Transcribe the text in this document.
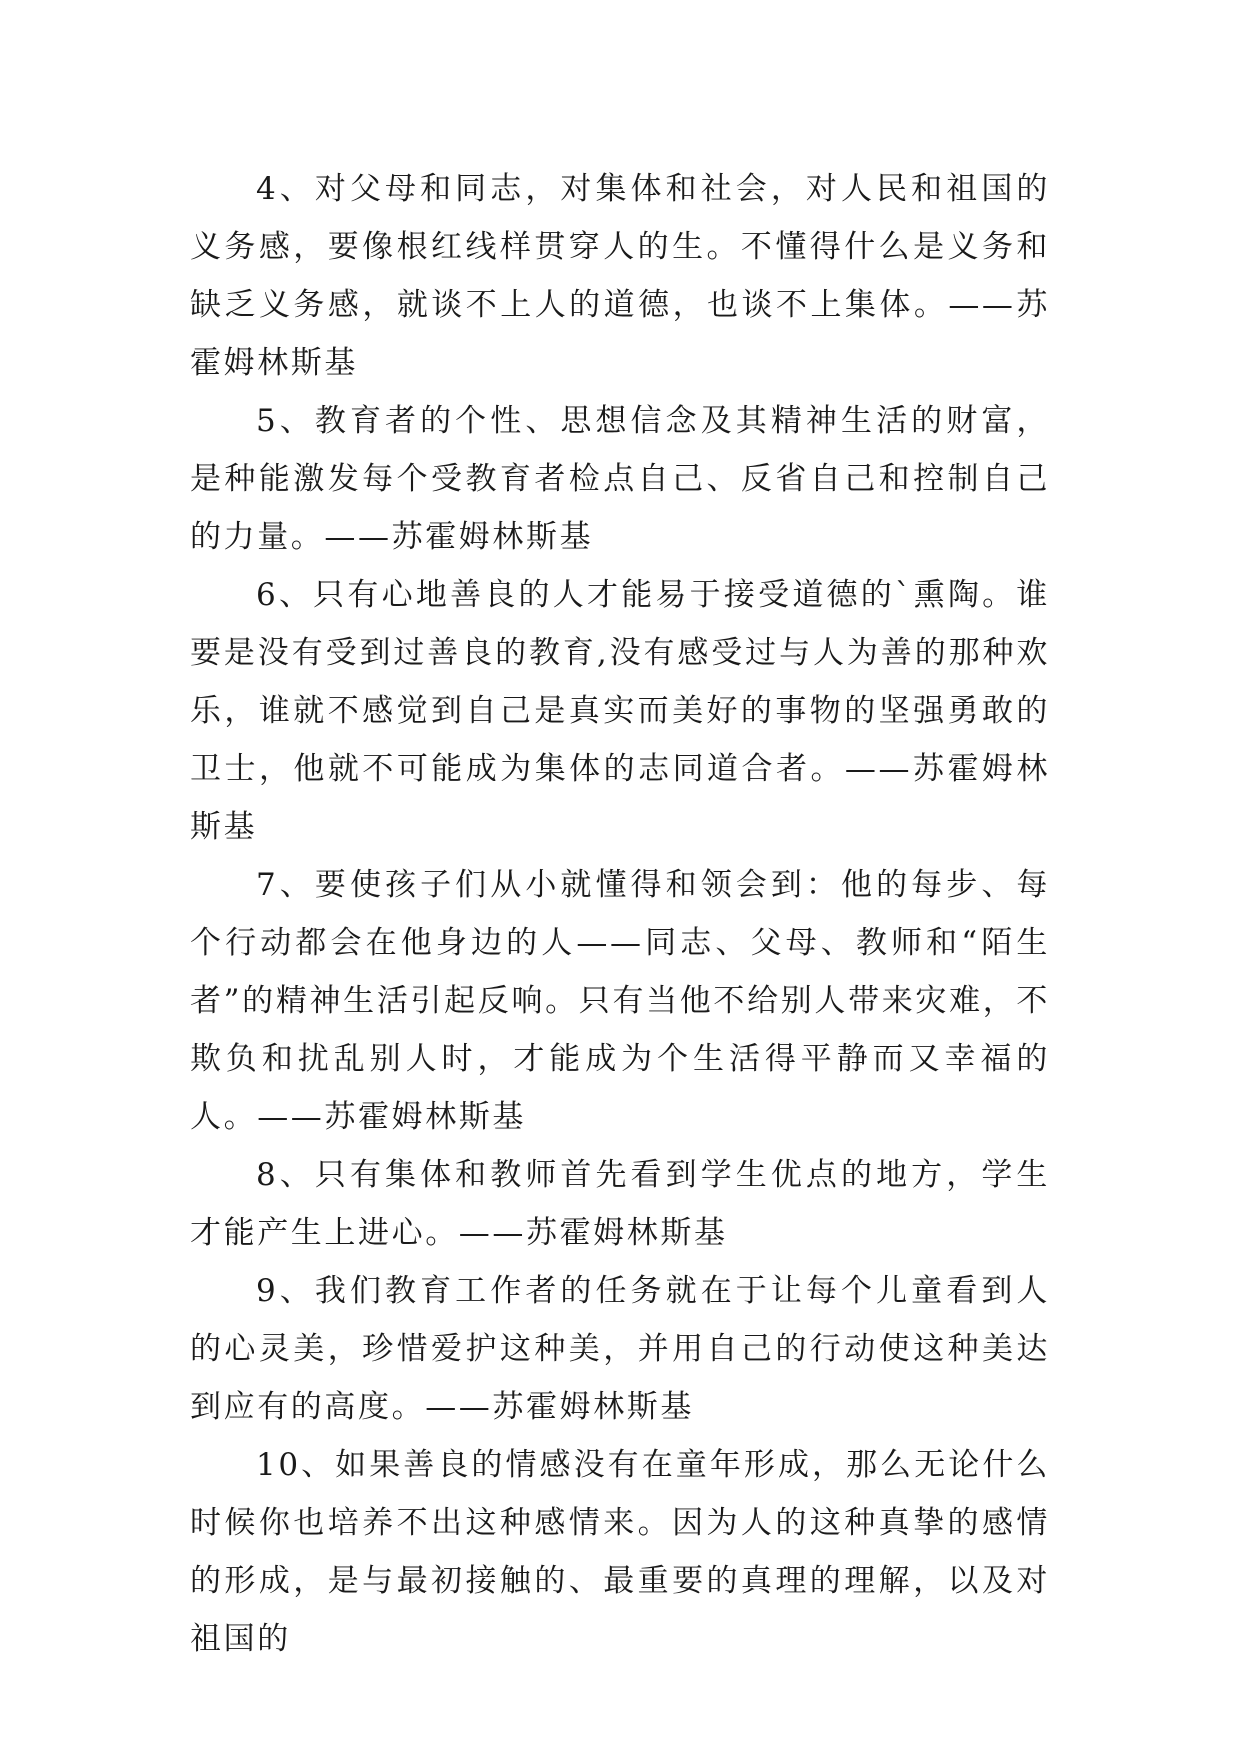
4、对父母和同志，对集体和社会，对人民和祖国的义务感，要像根红线样贯穿人的生。不懂得什么是义务和缺乏义务感，就谈不上人的道德，也谈不上集体。——苏霍姆林斯基

5、教育者的个性、思想信念及其精神生活的财富，是种能激发每个受教育者检点自己、反省自己和控制自己的力量。——苏霍姆林斯基

6、只有心地善良的人才能易于接受道德的`熏陶。谁要是没有受到过善良的教育,没有感受过与人为善的那种欢乐，谁就不感觉到自己是真实而美好的事物的坚强勇敢的卫士，他就不可能成为集体的志同道合者。——苏霍姆林斯基

7、要使孩子们从小就懂得和领会到：他的每步、每个行动都会在他身边的人——同志、父母、教师和“陌生者”的精神生活引起反响。只有当他不给别人带来灾难，不欺负和扰乱别人时，才能成为个生活得平静而又幸福的人。——苏霍姆林斯基

8、只有集体和教师首先看到学生优点的地方，学生才能产生上进心。——苏霍姆林斯基

9、我们教育工作者的任务就在于让每个儿童看到人的心灵美，珍惜爱护这种美，并用自己的行动使这种美达到应有的高度。——苏霍姆林斯基

10、如果善良的情感没有在童年形成，那么无论什么时候你也培养不出这种感情来。因为人的这种真挚的感情的形成，是与最初接触的、最重要的真理的理解，以及对祖国的
